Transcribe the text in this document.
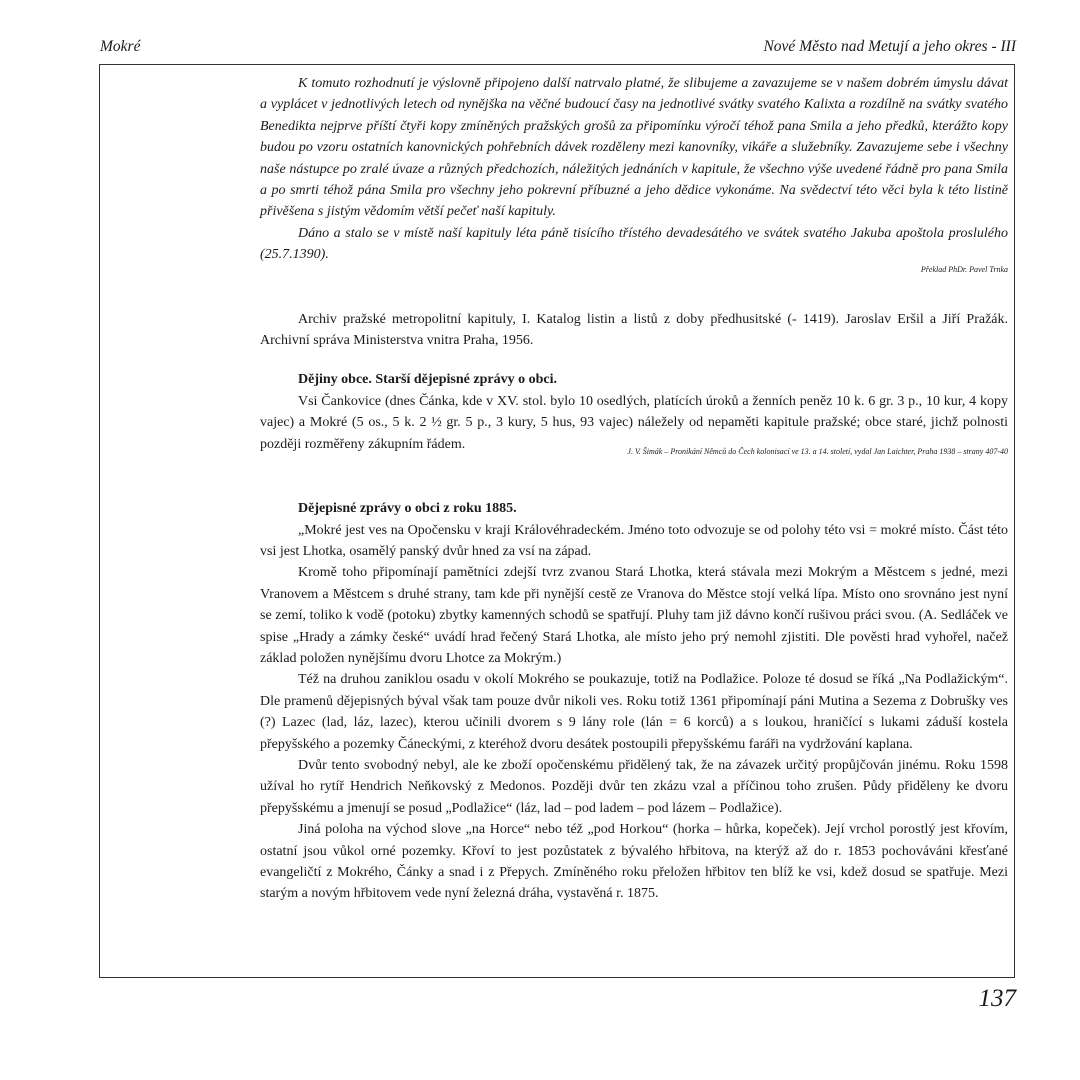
Mokré	Nové Město nad Metují a jeho okres - III

K tomuto rozhodnutí je výslovně připojeno další natrvalo platné, že slibujeme a zavazujeme se v našem dobrém úmyslu dávat a vyplácet v jednotlivých letech od nynějška na věčné budoucí časy na jednotlivé svátky svatého Kalixta a rozdílně na svátky svatého Benedikta nejprve příští čtyři kopy zmíněných pražských grošů za připomínku výročí téhož pana Smila a jeho předků, kterážto kopy budou po vzoru ostatních kanovnických pohřebních dávek rozděleny mezi kanovníky, vikáře a služebníky. Zavazujeme sebe i všechny naše nástupce po zralé úvaze a různých předchozích, náležitých jednáních v kapitule, že všechno výše uvedené řádně pro pana Smila a po smrti téhož pána Smila pro všechny jeho pokrevní příbuzné a jeho dědice vykonáme. Na svědectví této věci byla k této listině přivěšena s jistým vědomím větší pečeť naší kapituly.

Dáno a stalo se v místě naší kapituly léta páně tisícího třístého devadesátého ve svátek svatého Jakuba apoštola proslulého (25.7.1390).

Překlad PhDr. Pavel Trnka

Archiv pražské metropolitní kapituly, I. Katalog listin a listů z doby předhusitské (- 1419). Jaroslav Eršil a Jiří Pražák. Archivní správa Ministerstva vnitra Praha, 1956.

Dějiny obce. Starší dějepisné zprávy o obci.

Vsi Čankovice (dnes Čánka, kde v XV. stol. bylo 10 osedlých, platících úroků a ženních peněz 10 k. 6 gr. 3 p., 10 kur, 4 kopy vajec) a Mokré (5 os., 5 k. 2 ½ gr. 5 p., 3 kury, 5 hus, 93 vajec) náležely od nepaměti kapitule pražské; obce staré, jichž polnosti později rozměřeny zákupním řádem.	J. V. Šimák – Pronikání Němců do Čech kolonisací ve 13. a 14. století, vydal Jan Laichter, Praha 1938 – strany 407-40

Dějepisné zprávy o obci z roku 1885.

„Mokré jest ves na Opočensku v kraji Královéhradeckém. Jméno toto odvozuje se od polohy této vsi = mokré místo. Část této vsi jest Lhotka, osamělý panský dvůr hned za vsí na západ.

Kromě toho připomínají pamětníci zdejší tvrz zvanou Stará Lhotka, která stávala mezi Mokrým a Městcem s jedné, mezi Vranovem a Městcem s druhé strany, tam kde při nynější cestě ze Vranova do Městce stojí velká lípa. Místo ono srovnáno jest nyní se zemí, toliko k vodě (potoku) zbytky kamenných schodů se spatřují. Pluhy tam již dávno končí rušivou práci svou. (A. Sedláček ve spise „Hrady a zámky české“ uvádí hrad řečený Stará Lhotka, ale místo jeho prý nemohl zjistiti. Dle pověsti hrad vyhořel, načež základ položen nynějšímu dvoru Lhotce za Mokrým.)

Též na druhou zaniklou osadu v okolí Mokrého se poukazuje, totiž na Podlažice. Poloze té dosud se říká „Na Podlažickým“. Dle pramenů dějepisných býval však tam pouze dvůr nikoli ves. Roku totiž 1361 připomínají páni Mutina a Sezema z Dobrušky ves (?) Lazec (lad, láz, lazec), kterou učinili dvorem s 9 lány role (lán = 6 korců) a s loukou, hraničící s lukami záduší kostela přepyšského a pozemky Čáneckými, z kteréhož dvoru desátek postoupili přepyšskému faráři na vydržování kaplana.

Dvůr tento svobodný nebyl, ale ke zboží opočenskému přidělený tak, že na závazek určitý propůjčován jinému. Roku 1598 užíval ho rytíř Hendrich Neňkovský z Medonos. Později dvůr ten zkázu vzal a příčinou toho zrušen. Půdy přiděleny ke dvoru přepyšskému a jmenují se posud „Podlažice“ (láz, lad – pod ladem – pod lázem – Podlažice).

Jiná poloha na východ slove „na Horce“ nebo též „pod Horkou“ (horka – hůrka, kopeček). Její vrchol porostlý jest křovím, ostatní jsou vůkol orné pozemky. Křoví to jest pozůstatek z bývalého hřbitova, na kterýž až do r. 1853 pochováváni křesťané evangeličtí z Mokrého, Čánky a snad i z Přepych. Zmíněného roku přeložen hřbitov ten blíž ke vsi, kdež dosud se spatřuje. Mezi starým a novým hřbitovem vede nyní železná dráha, vystavěná r. 1875.

137
